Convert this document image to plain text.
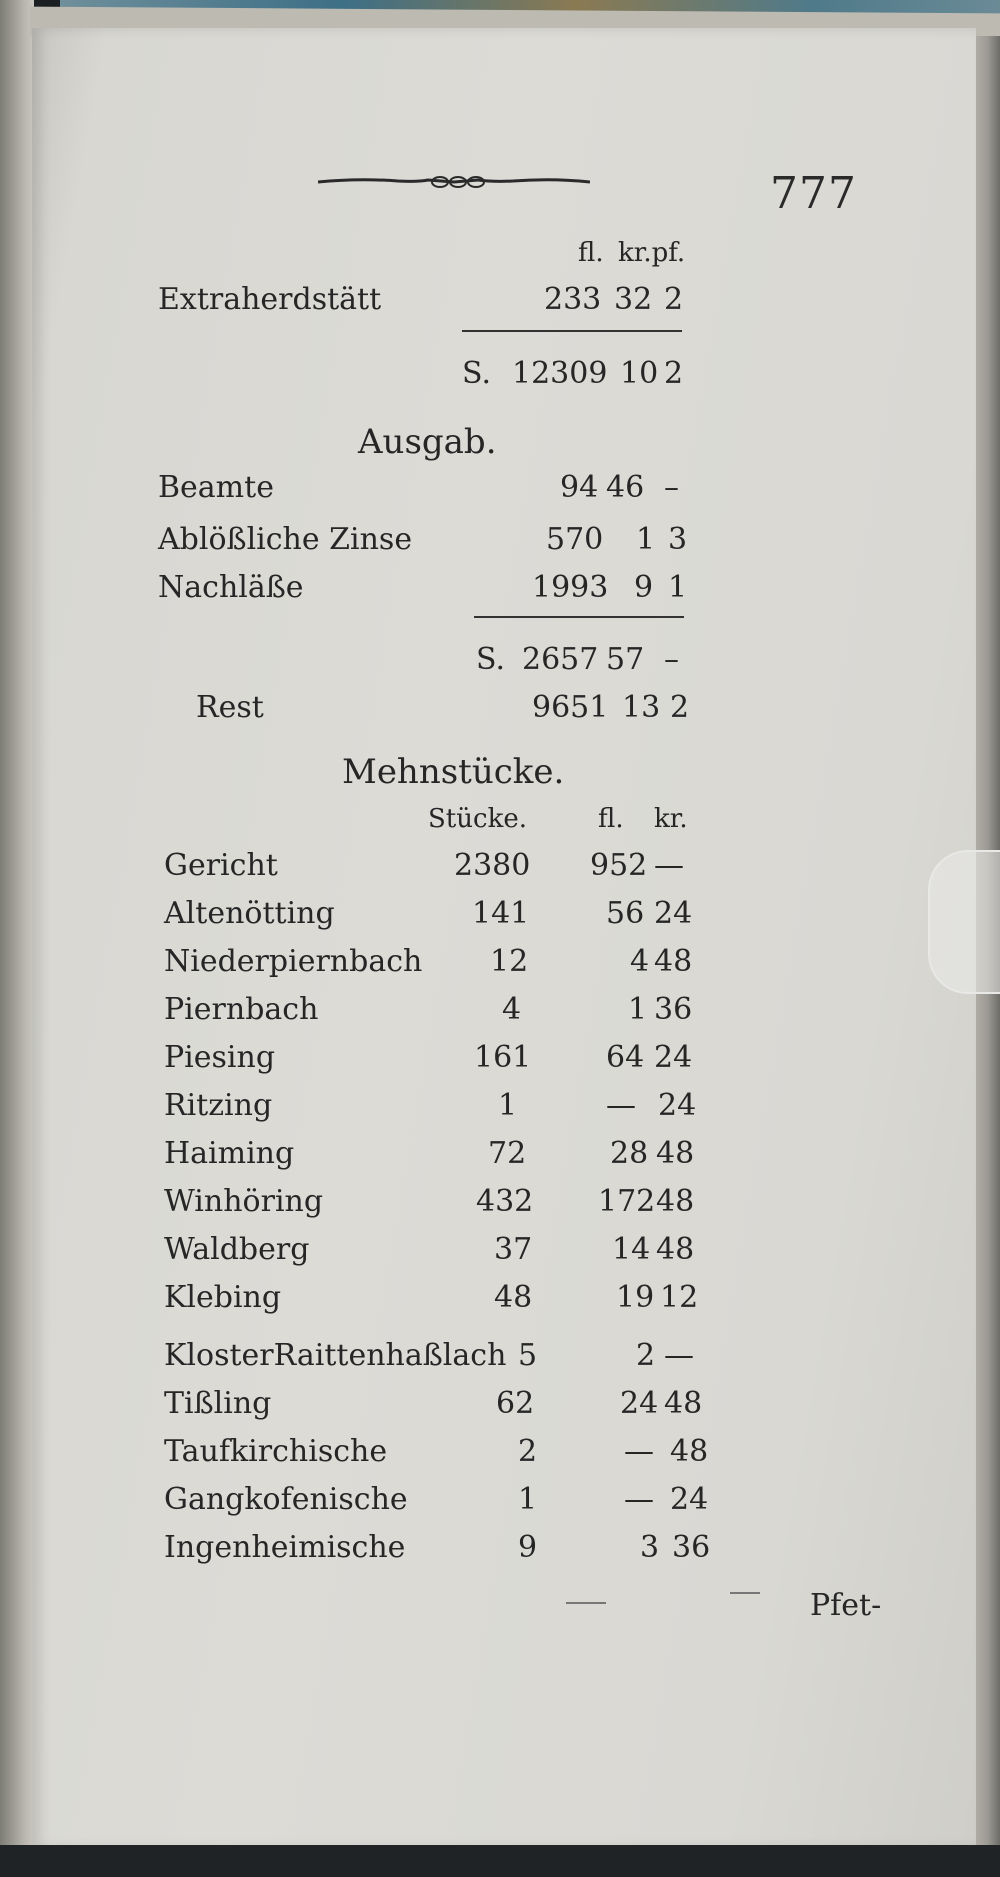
777
fl. kr.pf.
Extraherdstätt	233 32 2
S. 12309 10 2
Ausgab.
Beamte	94 46 –
Ablößliche Zinse	570 1 3
Nachläße	1993 9 1
S. 2657 57 –
Rest	9651 13 2
Mehnstücke.
Stücke.	fl. kr.
Gericht	2380 952 —
Altenötting	141	56 24
Niederpiernbach 12	4 48
Piernbach	4	1 36
Piesing	161 64 24
Ritzing	1	— 24
Haiming	72	28 48
Winhöring	432 172 48
Waldberg	37	14 48
Klebing	48	19 12
KlosterRaittenhaßlach 5	2 —
Tißling	62	24 48
Taufkirchische	2	— 48
Gangkofenische	1	— 24
Ingenheimische	9	3 36
Pfet-
